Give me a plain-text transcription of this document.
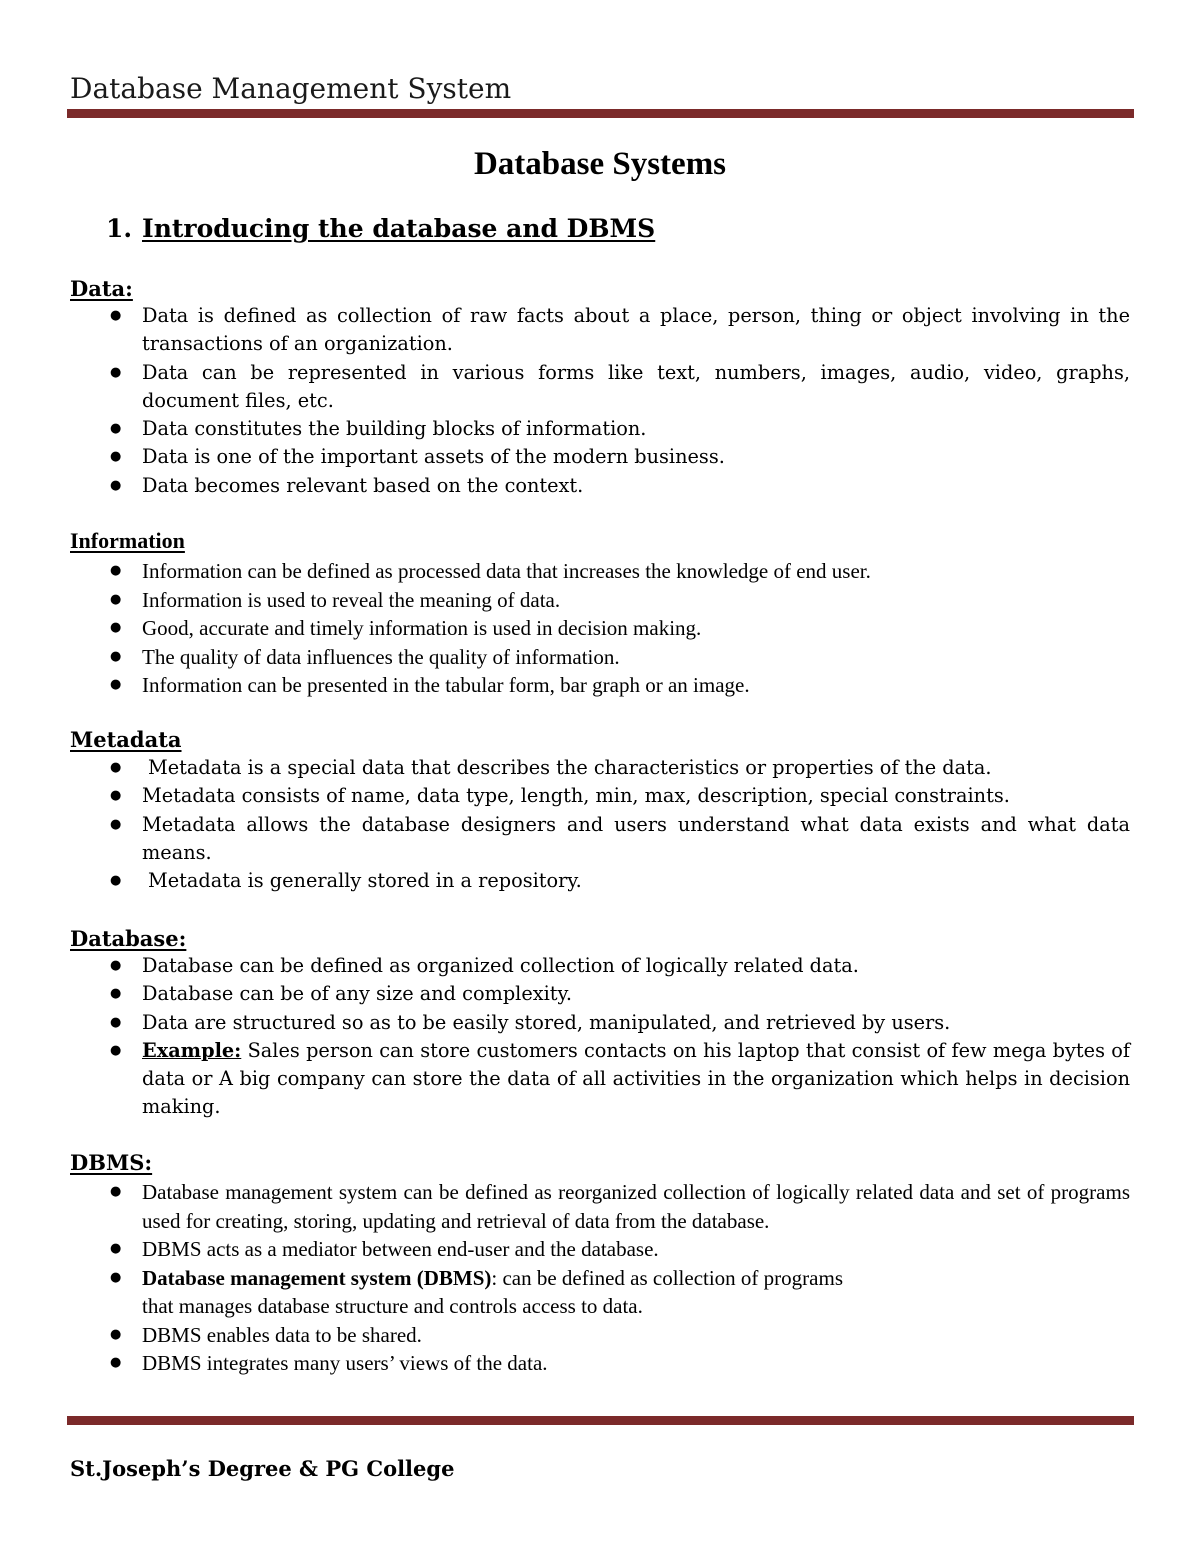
Database Management System
Database Systems
1. Introducing the database and DBMS
Data:
● Data is defined as collection of raw facts about a place, person, thing or object involving in the transactions of an organization.
● Data can be represented in various forms like text, numbers, images, audio, video, graphs, document files, etc.
● Data constitutes the building blocks of information.
● Data is one of the important assets of the modern business.
● Data becomes relevant based on the context.
Information
● Information can be defined as processed data that increases the knowledge of end user.
● Information is used to reveal the meaning of data.
● Good, accurate and timely information is used in decision making.
● The quality of data influences the quality of information.
● Information can be presented in the tabular form, bar graph or an image.
Metadata
● Metadata is a special data that describes the characteristics or properties of the data.
● Metadata consists of name, data type, length, min, max, description, special constraints.
● Metadata allows the database designers and users understand what data exists and what data means.
● Metadata is generally stored in a repository.
Database:
● Database can be defined as organized collection of logically related data.
● Database can be of any size and complexity.
● Data are structured so as to be easily stored, manipulated, and retrieved by users.
● Example: Sales person can store customers contacts on his laptop that consist of few mega bytes of data or A big company can store the data of all activities in the organization which helps in decision making.
DBMS:
● Database management system can be defined as reorganized collection of logically related data and set of programs used for creating, storing, updating and retrieval of data from the database.
● DBMS acts as a mediator between end-user and the database.
● Database management system (DBMS): can be defined as collection of programs
that manages database structure and controls access to data.
● DBMS enables data to be shared.
● DBMS integrates many users’ views of the data.
St.Joseph’s Degree & PG College
